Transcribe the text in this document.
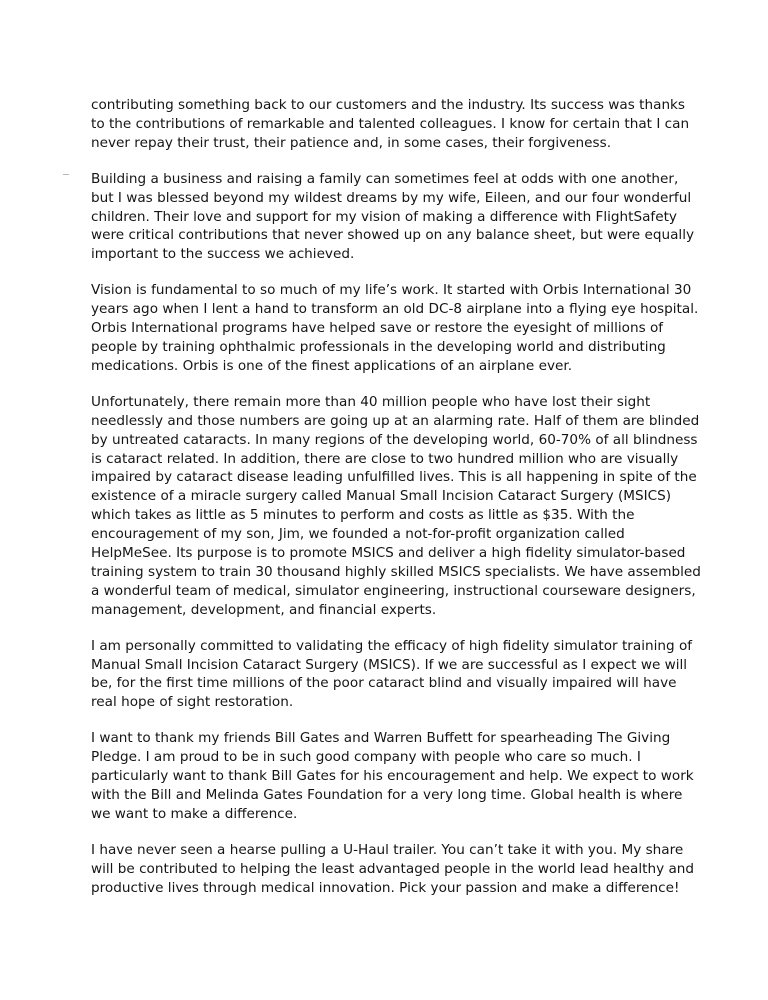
contributing something back to our customers and the industry. Its success was thanks to the contributions of remarkable and talented colleagues. I know for certain that I can never repay their trust, their patience and, in some cases, their forgiveness.

Building a business and raising a family can sometimes feel at odds with one another, but I was blessed beyond my wildest dreams by my wife, Eileen, and our four wonderful children. Their love and support for my vision of making a difference with FlightSafety were critical contributions that never showed up on any balance sheet, but were equally important to the success we achieved.

Vision is fundamental to so much of my life’s work. It started with Orbis International 30 years ago when I lent a hand to transform an old DC-8 airplane into a flying eye hospital. Orbis International programs have helped save or restore the eyesight of millions of people by training ophthalmic professionals in the developing world and distributing medications. Orbis is one of the finest applications of an airplane ever.

Unfortunately, there remain more than 40 million people who have lost their sight needlessly and those numbers are going up at an alarming rate. Half of them are blinded by untreated cataracts. In many regions of the developing world, 60-70% of all blindness is cataract related. In addition, there are close to two hundred million who are visually impaired by cataract disease leading unfulfilled lives. This is all happening in spite of the existence of a miracle surgery called Manual Small Incision Cataract Surgery (MSICS) which takes as little as 5 minutes to perform and costs as little as $35. With the encouragement of my son, Jim, we founded a not-for-profit organization called HelpMeSee. Its purpose is to promote MSICS and deliver a high fidelity simulator-based training system to train 30 thousand highly skilled MSICS specialists. We have assembled a wonderful team of medical, simulator engineering, instructional courseware designers, management, development, and financial experts.

I am personally committed to validating the efficacy of high fidelity simulator training of Manual Small Incision Cataract Surgery (MSICS). If we are successful as I expect we will be, for the first time millions of the poor cataract blind and visually impaired will have real hope of sight restoration.

I want to thank my friends Bill Gates and Warren Buffett for spearheading The Giving Pledge. I am proud to be in such good company with people who care so much. I particularly want to thank Bill Gates for his encouragement and help. We expect to work with the Bill and Melinda Gates Foundation for a very long time. Global health is where we want to make a difference.

I have never seen a hearse pulling a U-Haul trailer. You can’t take it with you. My share will be contributed to helping the least advantaged people in the world lead healthy and productive lives through medical innovation. Pick your passion and make a difference!
